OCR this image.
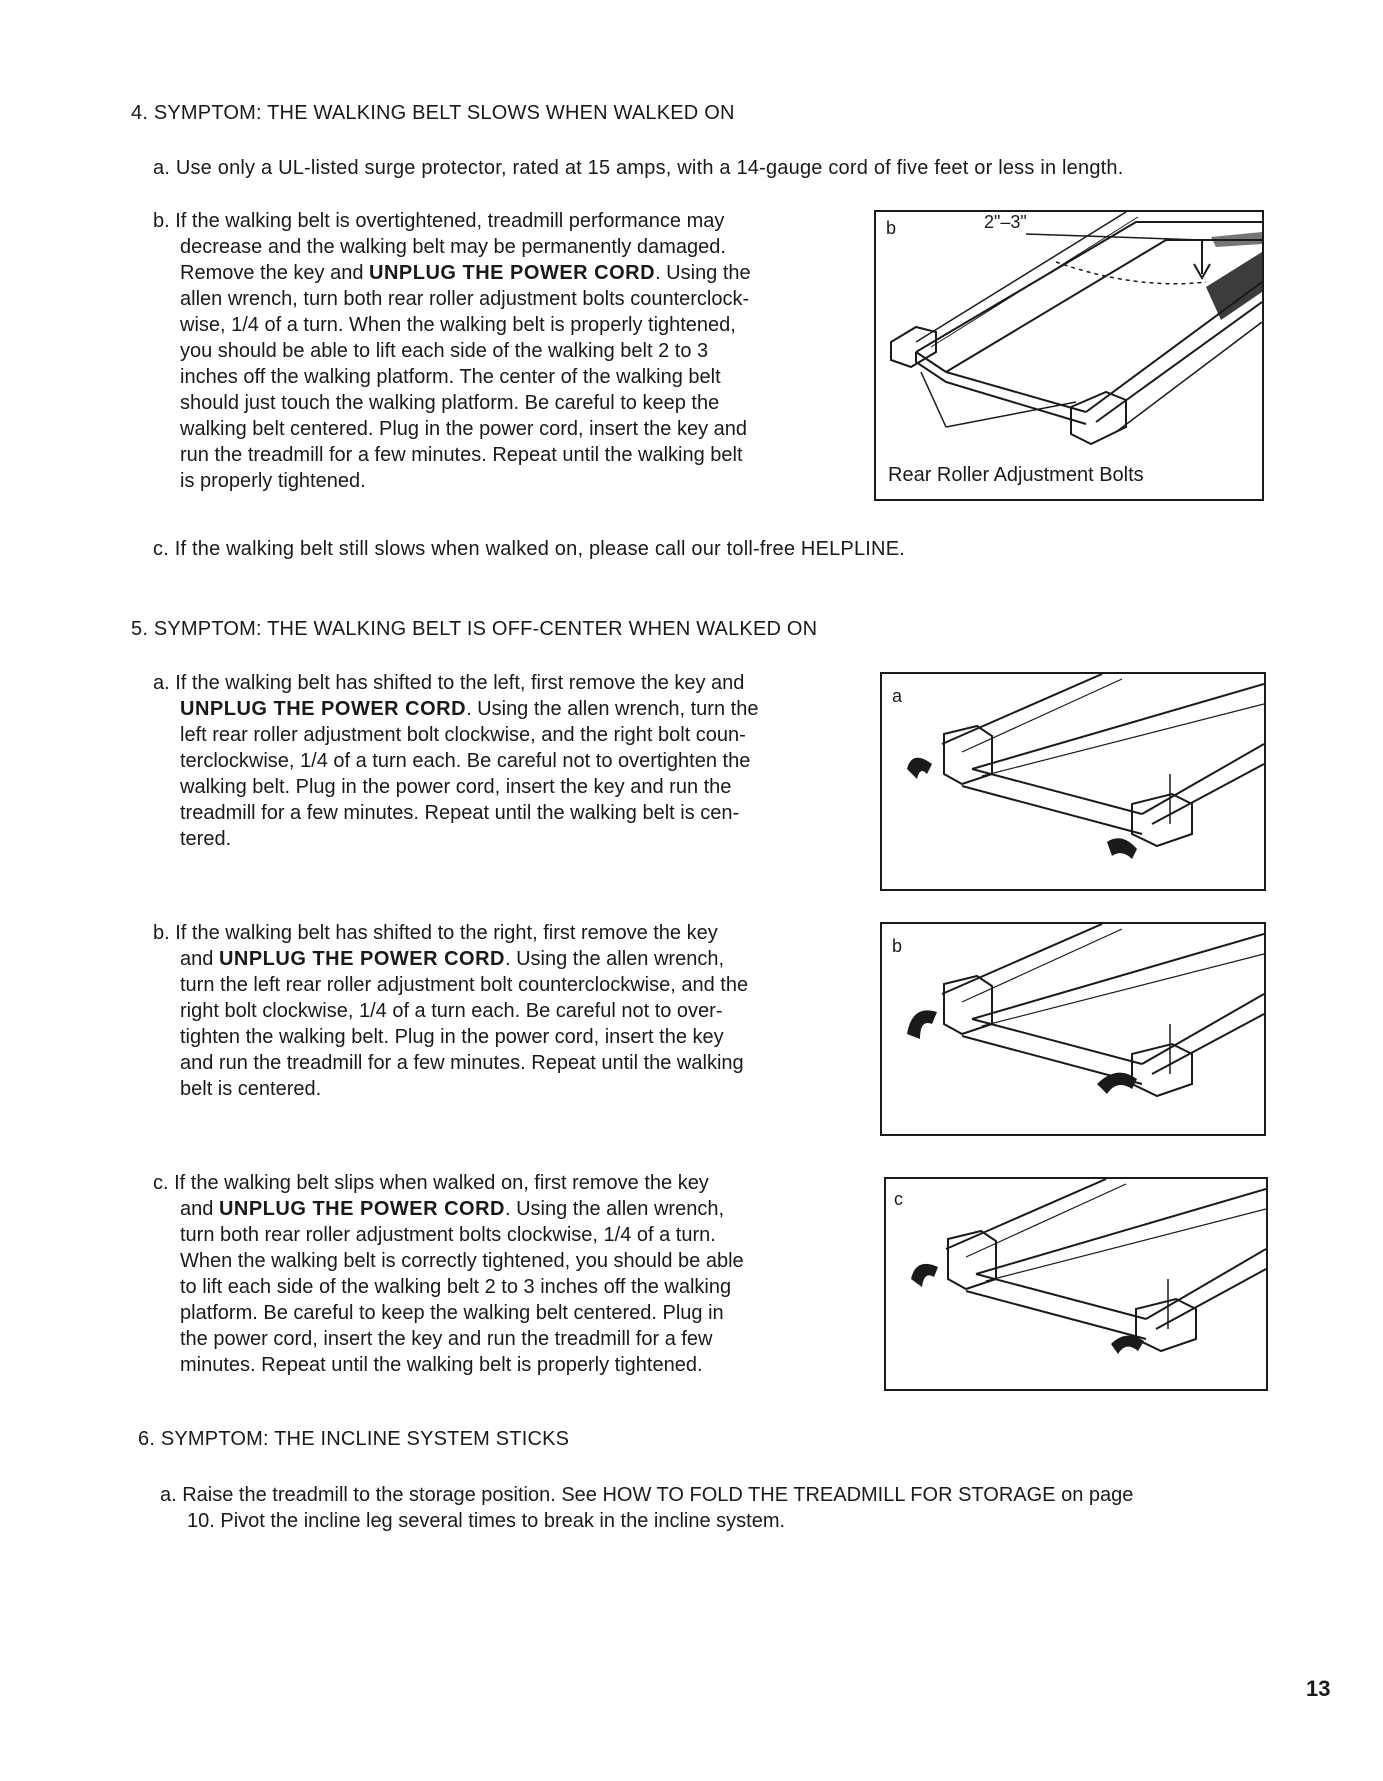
4. SYMPTOM: THE WALKING BELT SLOWS WHEN WALKED ON
a. Use only a UL-listed surge protector, rated at 15 amps, with a 14-gauge cord of five feet or less in length.
b. If the walking belt is overtightened, treadmill performance may
decrease and the walking belt may be permanently damaged.
Remove the key and UNPLUG THE POWER CORD. Using the
allen wrench, turn both rear roller adjustment bolts counterclock-
wise, 1/4 of a turn. When the walking belt is properly tightened,
you should be able to lift each side of the walking belt 2 to 3
inches off the walking platform. The center of the walking belt
should just touch the walking platform. Be careful to keep the
walking belt centered. Plug in the power cord, insert the key and
run the treadmill for a few minutes. Repeat until the walking belt
is properly tightened.
b	2"–3"
Rear Roller Adjustment Bolts
c. If the walking belt still slows when walked on, please call our toll-free HELPLINE.
5. SYMPTOM: THE WALKING BELT IS OFF-CENTER WHEN WALKED ON
a. If the walking belt has shifted to the left, first remove the key and
UNPLUG THE POWER CORD. Using the allen wrench, turn the
left rear roller adjustment bolt clockwise, and the right bolt coun-
terclockwise, 1/4 of a turn each. Be careful not to overtighten the
walking belt. Plug in the power cord, insert the key and run the
treadmill for a few minutes. Repeat until the walking belt is cen-
tered.
a
b. If the walking belt has shifted to the right, first remove the key
and UNPLUG THE POWER CORD. Using the allen wrench,
turn the left rear roller adjustment bolt counterclockwise, and the
right bolt clockwise, 1/4 of a turn each. Be careful not to over-
tighten the walking belt. Plug in the power cord, insert the key
and run the treadmill for a few minutes. Repeat until the walking
belt is centered.
b
c. If the walking belt slips when walked on, first remove the key
and UNPLUG THE POWER CORD. Using the allen wrench,
turn both rear roller adjustment bolts clockwise, 1/4 of a turn.
When the walking belt is correctly tightened, you should be able
to lift each side of the walking belt 2 to 3 inches off the walking
platform. Be careful to keep the walking belt centered. Plug in
the power cord, insert the key and run the treadmill for a few
minutes. Repeat until the walking belt is properly tightened.
c
6. SYMPTOM: THE INCLINE SYSTEM STICKS
a. Raise the treadmill to the storage position. See HOW TO FOLD THE TREADMILL FOR STORAGE on page
10. Pivot the incline leg several times to break in the incline system.
13
